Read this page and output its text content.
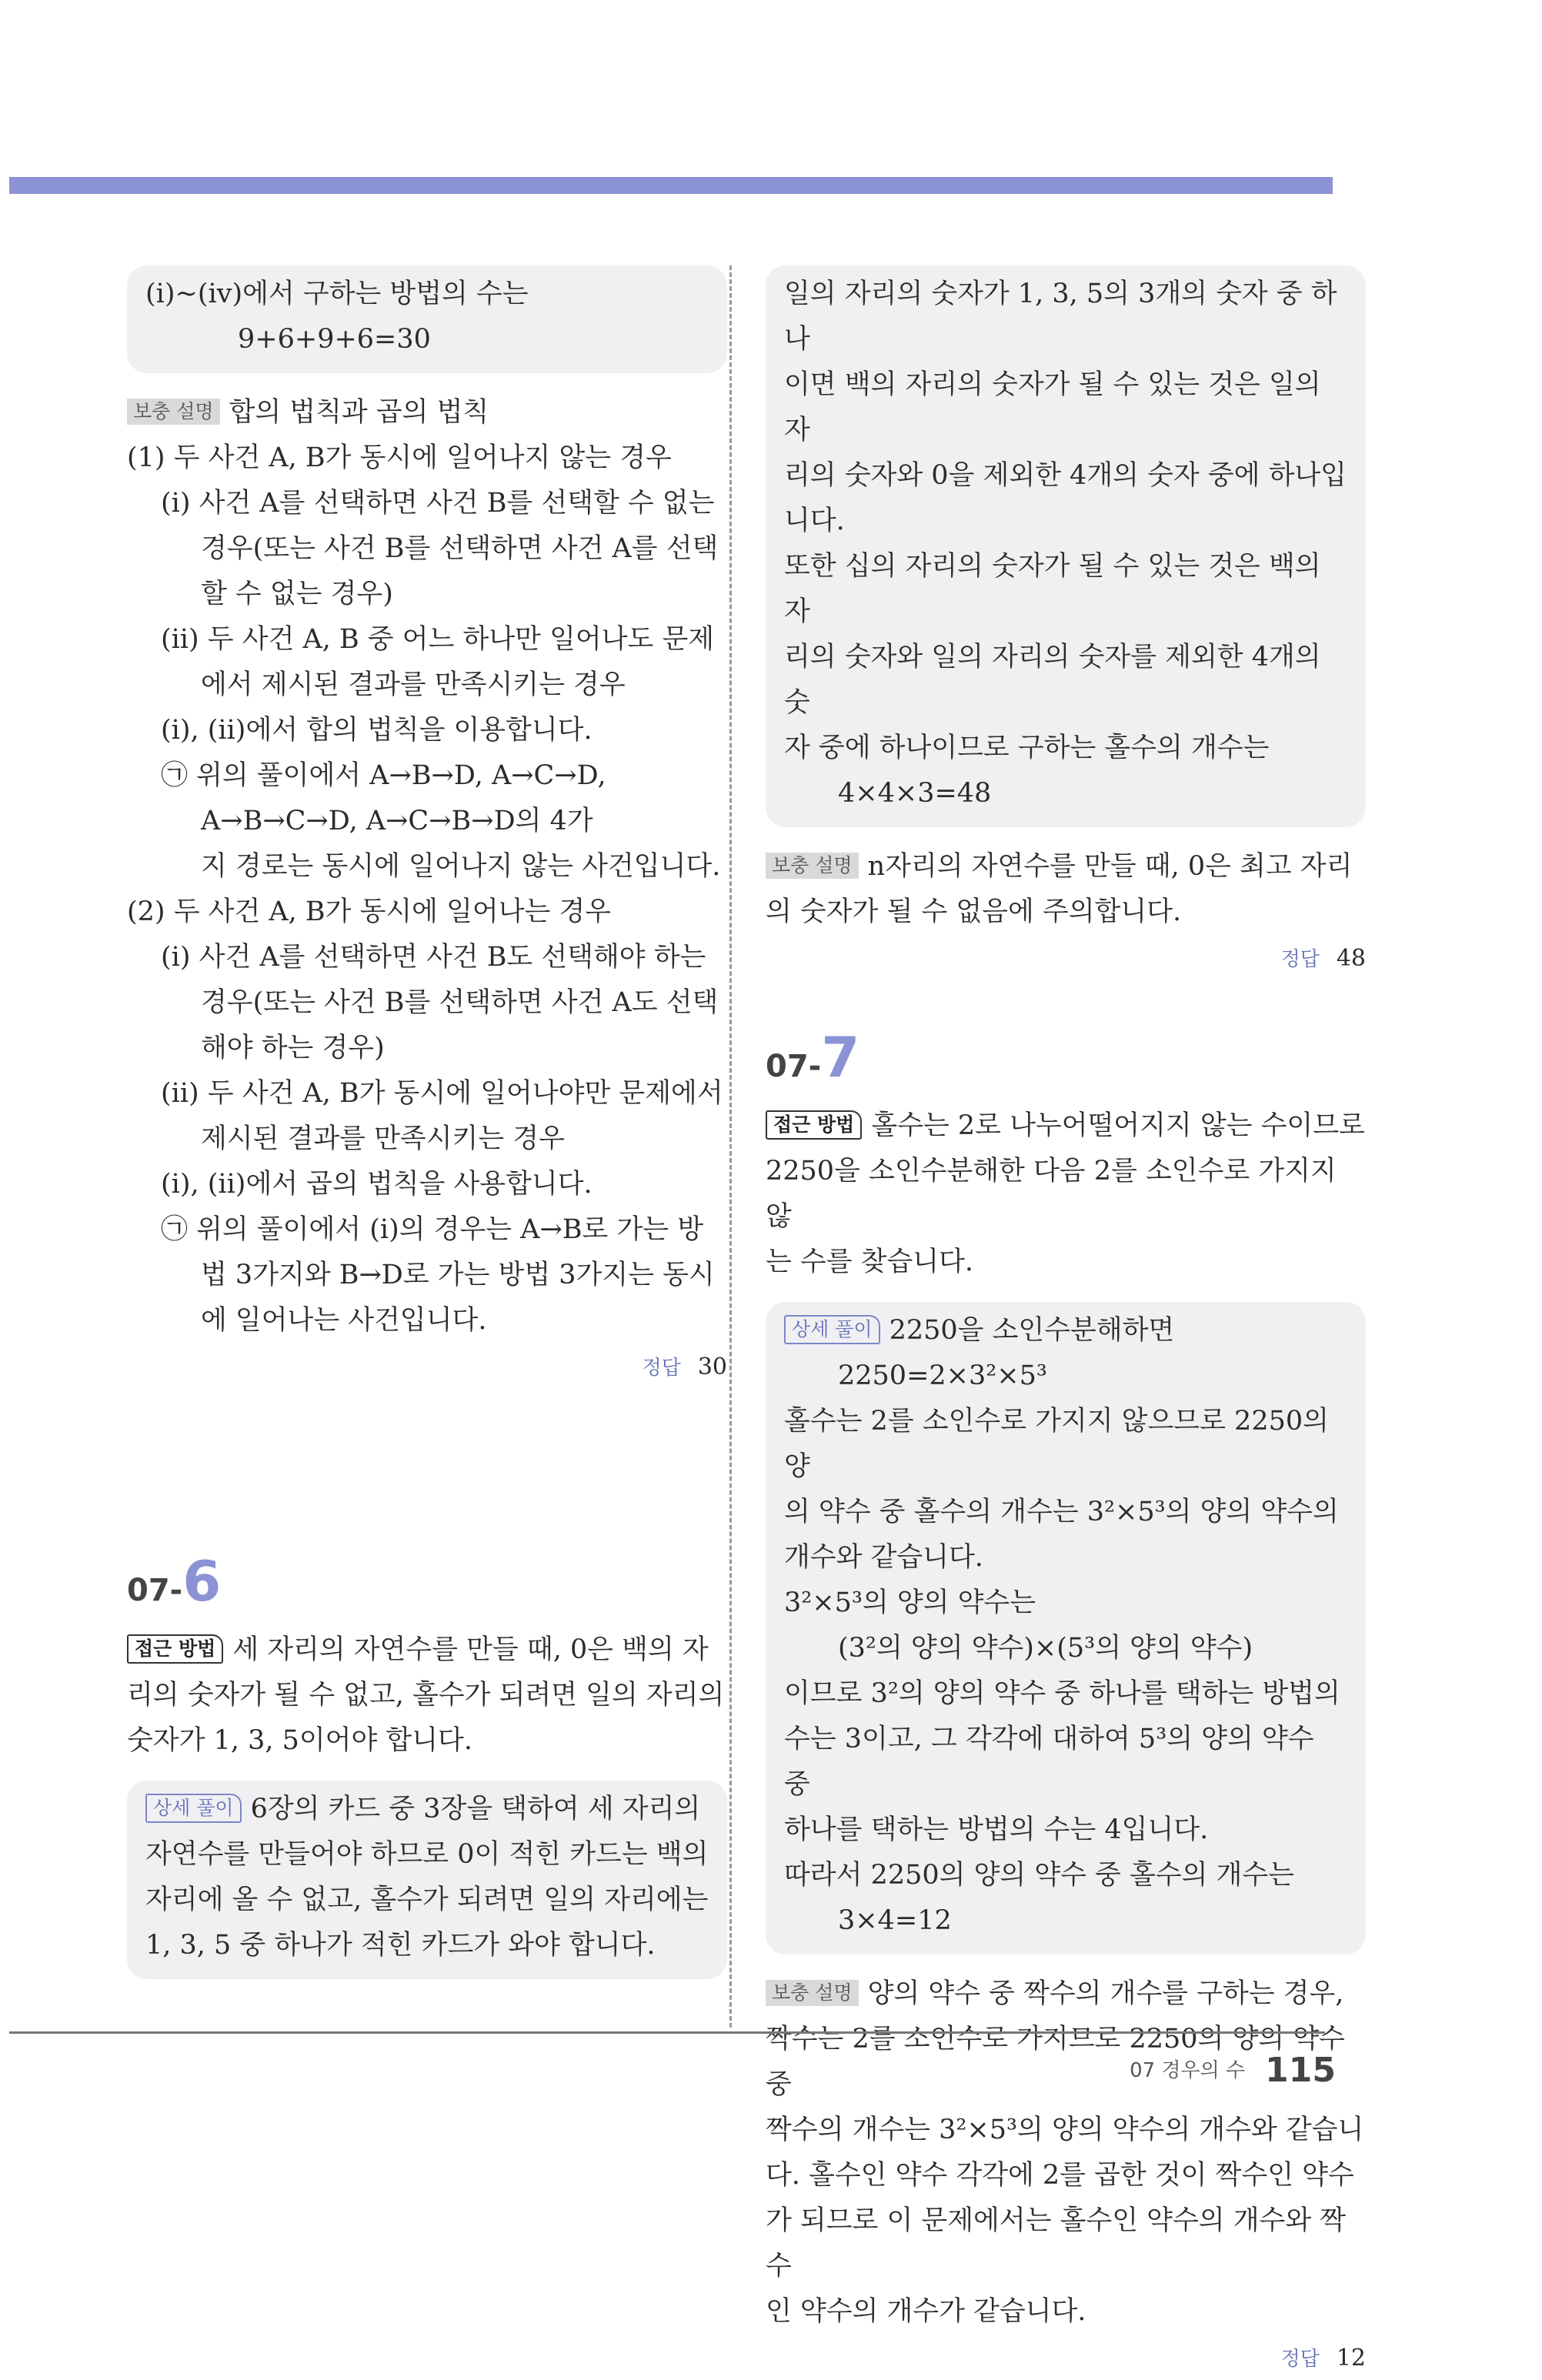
(ⅰ)~(ⅳ)에서 구하는 방법의 수는

9+6+9+6=30

보충 설명 합의 법칙과 곱의 법칙

(1) 두 사건 A, B가 동시에 일어나지 않는 경우

(ⅰ) 사건 A를 선택하면 사건 B를 선택할 수 없는

경우(또는 사건 B를 선택하면 사건 A를 선택

할 수 없는 경우)

(ⅱ) 두 사건 A, B 중 어느 하나만 일어나도 문제

에서 제시된 결과를 만족시키는 경우

(ⅰ), (ⅱ)에서 합의 법칙을 이용합니다.

㉠ 위의 풀이에서 A→B→D, A→C→D,

A→B→C→D, A→C→B→D의 4가

지 경로는 동시에 일어나지 않는 사건입니다.

(2) 두 사건 A, B가 동시에 일어나는 경우

(ⅰ) 사건 A를 선택하면 사건 B도 선택해야 하는

경우(또는 사건 B를 선택하면 사건 A도 선택

해야 하는 경우)

(ⅱ) 두 사건 A, B가 동시에 일어나야만 문제에서

제시된 결과를 만족시키는 경우

(ⅰ), (ⅱ)에서 곱의 법칙을 사용합니다.

㉠ 위의 풀이에서 (ⅰ)의 경우는 A→B로 가는 방

법 3가지와 B→D로 가는 방법 3가지는 동시

에 일어나는 사건입니다.

정답 30

07-6

접근 방법 세 자리의 자연수를 만들 때, 0은 백의 자

리의 숫자가 될 수 없고, 홀수가 되려면 일의 자리의

숫자가 1, 3, 5이어야 합니다.

상세 풀이 6장의 카드 중 3장을 택하여 세 자리의

자연수를 만들어야 하므로 0이 적힌 카드는 백의

자리에 올 수 없고, 홀수가 되려면 일의 자리에는

1, 3, 5 중 하나가 적힌 카드가 와야 합니다.

일의 자리의 숫자가 1, 3, 5의 3개의 숫자 중 하나

이면 백의 자리의 숫자가 될 수 있는 것은 일의 자

리의 숫자와 0을 제외한 4개의 숫자 중에 하나입

니다.

또한 십의 자리의 숫자가 될 수 있는 것은 백의 자

리의 숫자와 일의 자리의 숫자를 제외한 4개의 숫

자 중에 하나이므로 구하는 홀수의 개수는

4×4×3=48

보충 설명 n자리의 자연수를 만들 때, 0은 최고 자리

의 숫자가 될 수 없음에 주의합니다.

정답 48

07-7

접근 방법 홀수는 2로 나누어떨어지지 않는 수이므로

2250을 소인수분해한 다음 2를 소인수로 가지지 않

는 수를 찾습니다.

상세 풀이 2250을 소인수분해하면

2250=2×3²×5³

홀수는 2를 소인수로 가지지 않으므로 2250의 양

의 약수 중 홀수의 개수는 3²×5³의 양의 약수의

개수와 같습니다.

3²×5³의 양의 약수는

(3²의 양의 약수)×(5³의 양의 약수)

이므로 3²의 양의 약수 중 하나를 택하는 방법의

수는 3이고, 그 각각에 대하여 5³의 양의 약수 중

하나를 택하는 방법의 수는 4입니다.

따라서 2250의 양의 약수 중 홀수의 개수는

3×4=12

보충 설명 양의 약수 중 짝수의 개수를 구하는 경우,

짝수는 2를 소인수로 가지므로 2250의 양의 약수 중

짝수의 개수는 3²×5³의 양의 약수의 개수와 같습니

다. 홀수인 약수 각각에 2를 곱한 것이 짝수인 약수

가 되므로 이 문제에서는 홀수인 약수의 개수와 짝수

인 약수의 개수가 같습니다.

정답 12

07 경우의 수 115
